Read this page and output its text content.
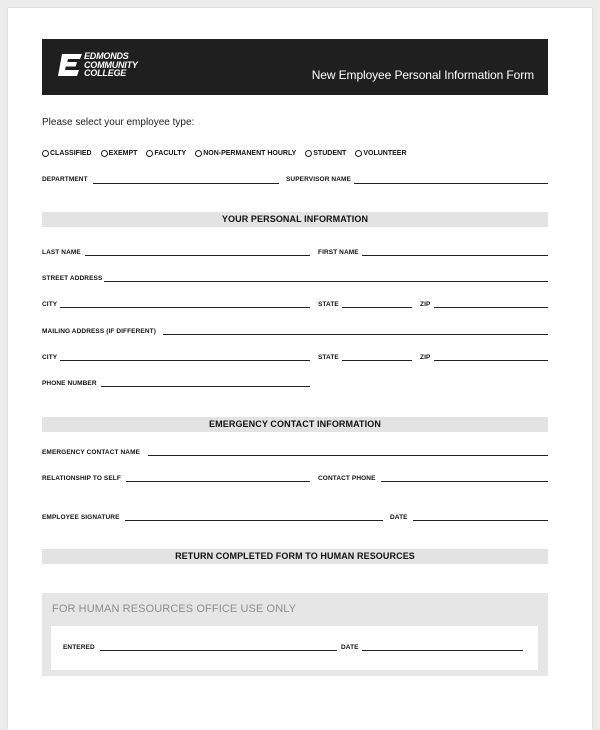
EDMONDS
COMMUNITY
COLLEGE	New Employee Personal Information Form
Please select your employee type:
CLASSIFIED EXEMPT FACULTY NON-PERMANENT HOURLY STUDENT VOLUNTEER
DEPARTMENT	SUPERVISOR NAME
YOUR PERSONAL INFORMATION
LAST NAME	FIRST NAME
STREET ADDRESS
CITY	STATE	ZIP
MAILING ADDRESS (IF DIFFERENT)
CITY	STATE	ZIP
PHONE NUMBER
EMERGENCY CONTACT INFORMATION
EMERGENCY CONTACT NAME
RELATIONSHIP TO SELF	CONTACT PHONE
EMPLOYEE SIGNATURE	DATE
RETURN COMPLETED FORM TO HUMAN RESOURCES
FOR HUMAN RESOURCES OFFICE USE ONLY
ENTERED	DATE
